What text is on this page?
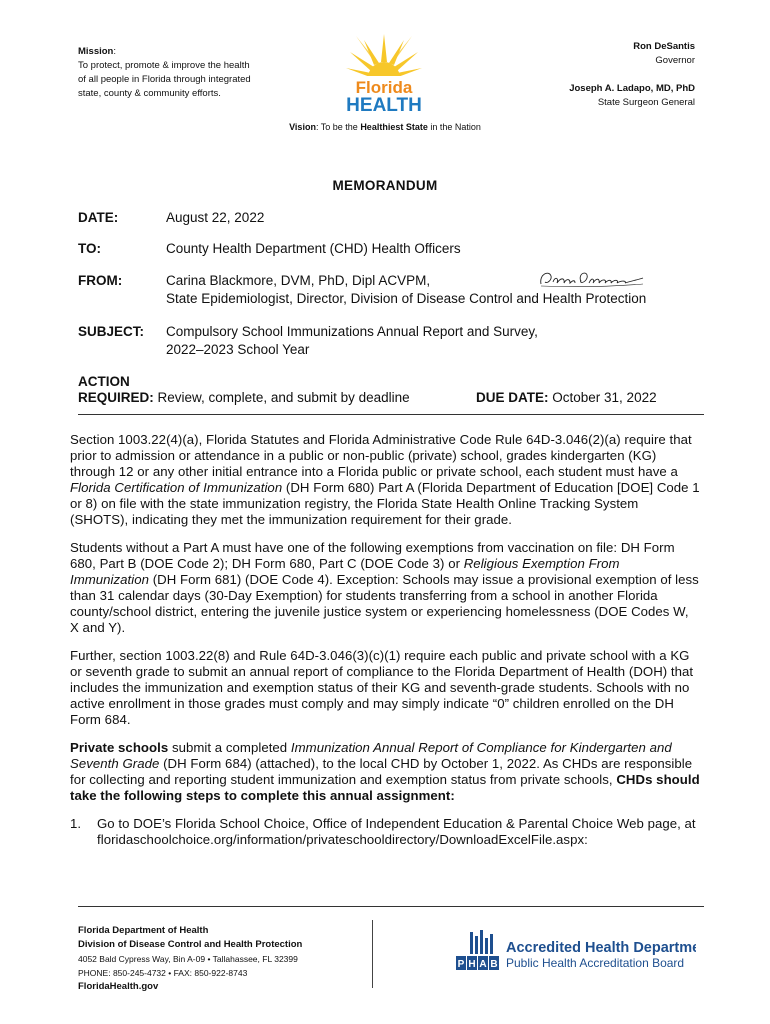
Mission:
To protect, promote & improve the health
of all people in Florida through integrated
state, county & community efforts.	Florida
HEALTH
Ron DeSantis
Governor
Joseph A. Ladapo, MD, PhD
State Surgeon General
Vision: To be the Healthiest State in the Nation
MEMORANDUM
DATE:	August 22, 2022
TO:	County Health Department (CHD) Health Officers
FROM:	Carina Blackmore, DVM, PhD, Dipl ACVPM,
State Epidemiologist, Director, Division of Disease Control and Health Protection
SUBJECT: Compulsory School Immunizations Annual Report and Survey,
2022–2023 School Year
ACTION
REQUIRED: Review, complete, and submit by deadline	DUE DATE: October 31, 2022

Section 1003.22(4)(a), Florida Statutes and Florida Administrative Code Rule 64D-3.046(2)(a) require that prior to admission or attendance in a public or non-public (private) school, grades kindergarten (KG) through 12 or any other initial entrance into a Florida public or private school, each student must have a Florida Certification of Immunization (DH Form 680) Part A (Florida Department of Education [DOE] Code 1 or 8) on file with the state immunization registry, the Florida State Health Online Tracking System (SHOTS), indicating they met the immunization requirement for their grade.

Students without a Part A must have one of the following exemptions from vaccination on file: DH Form 680, Part B (DOE Code 2); DH Form 680, Part C (DOE Code 3) or Religious Exemption From Immunization (DH Form 681) (DOE Code 4). Exception: Schools may issue a provisional exemption of less than 31 calendar days (30-Day Exemption) for students transferring from a school in another Florida county/school district, entering the juvenile justice system or experiencing homelessness (DOE Codes W, X and Y).

Further, section 1003.22(8) and Rule 64D-3.046(3)(c)(1) require each public and private school with a KG or seventh grade to submit an annual report of compliance to the Florida Department of Health (DOH) that includes the immunization and exemption status of their KG and seventh-grade students. Schools with no active enrollment in those grades must comply and may simply indicate “0” children enrolled on the DH Form 684.

Private schools submit a completed Immunization Annual Report of Compliance for Kindergarten and Seventh Grade (DH Form 684) (attached), to the local CHD by October 1, 2022. As CHDs are responsible for collecting and reporting student immunization and exemption status from private schools, CHDs should take the following steps to complete this annual assignment:

1.	Go to DOE’s Florida School Choice, Office of Independent Education & Parental Choice Web page, at floridaschoolchoice.org/information/privateschooldirectory/DownloadExcelFile.aspx:
Florida Department of Health
Division of Disease Control and Health Protection
4052 Bald Cypress Way, Bin A-09 • Tallahassee, FL 32399
PHONE: 850-245-4732 • FAX: 850-922-8743
FloridaHealth.gov
P H A B
Accredited Health Department
Public Health Accreditation Board
